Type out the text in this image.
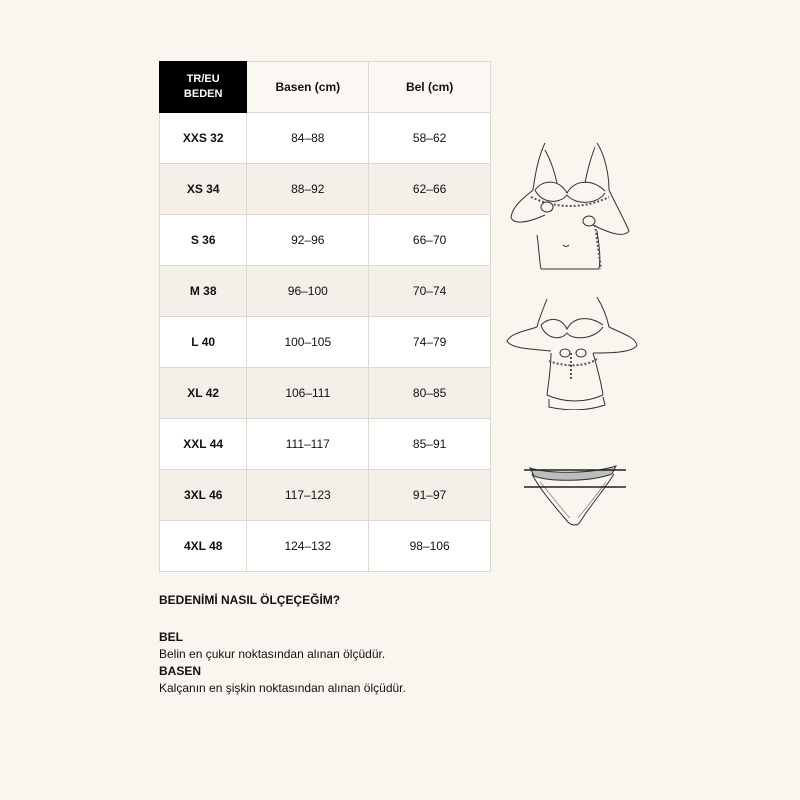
TR/EU
BEDEN	Basen (cm)	Bel (cm)
XXS 32	84–88	58–62
XS 34	88–92	62–66
S 36	92–96	66–70
M 38	96–100	70–74
L 40	100–105	74–79
XL 42	106–111	80–85
XXL 44	111–117	85–91
3XL 46	117–123	91–97
4XL 48	124–132	98–106
BEDENİMİ NASIL ÖLÇEÇEĞİM?
BEL
Belin en çukur noktasından alınan ölçüdür.
BASEN
Kalçanın en şişkin noktasından alınan ölçüdür.
